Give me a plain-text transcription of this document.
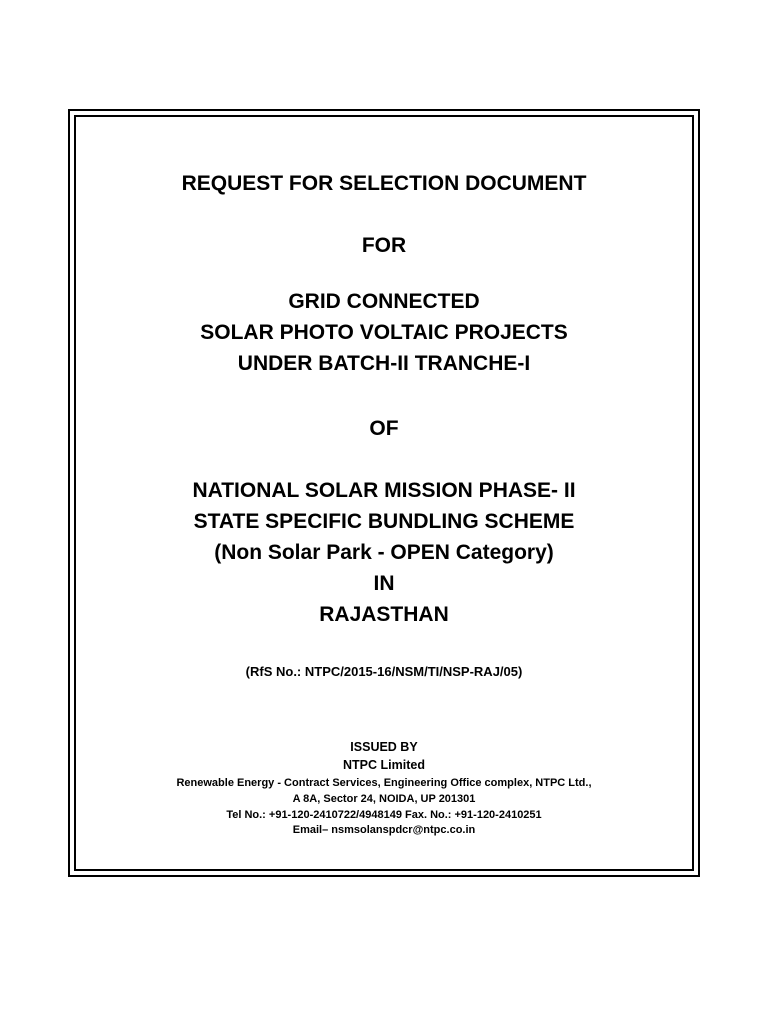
REQUEST FOR SELECTION DOCUMENT
FOR
GRID CONNECTED
SOLAR PHOTO VOLTAIC PROJECTS
UNDER BATCH-II TRANCHE-I
OF
NATIONAL SOLAR MISSION PHASE- II
STATE SPECIFIC BUNDLING SCHEME
(Non Solar Park - OPEN Category)
IN
RAJASTHAN
(RfS No.: NTPC/2015-16/NSM/TI/NSP-RAJ/05)
ISSUED BY
NTPC Limited
Renewable Energy - Contract Services, Engineering Office complex, NTPC Ltd.,
A 8A, Sector 24, NOIDA, UP 201301
Tel No.: +91-120-2410722/4948149 Fax. No.: +91-120-2410251
Email– nsmsolanspdcr@ntpc.co.in
